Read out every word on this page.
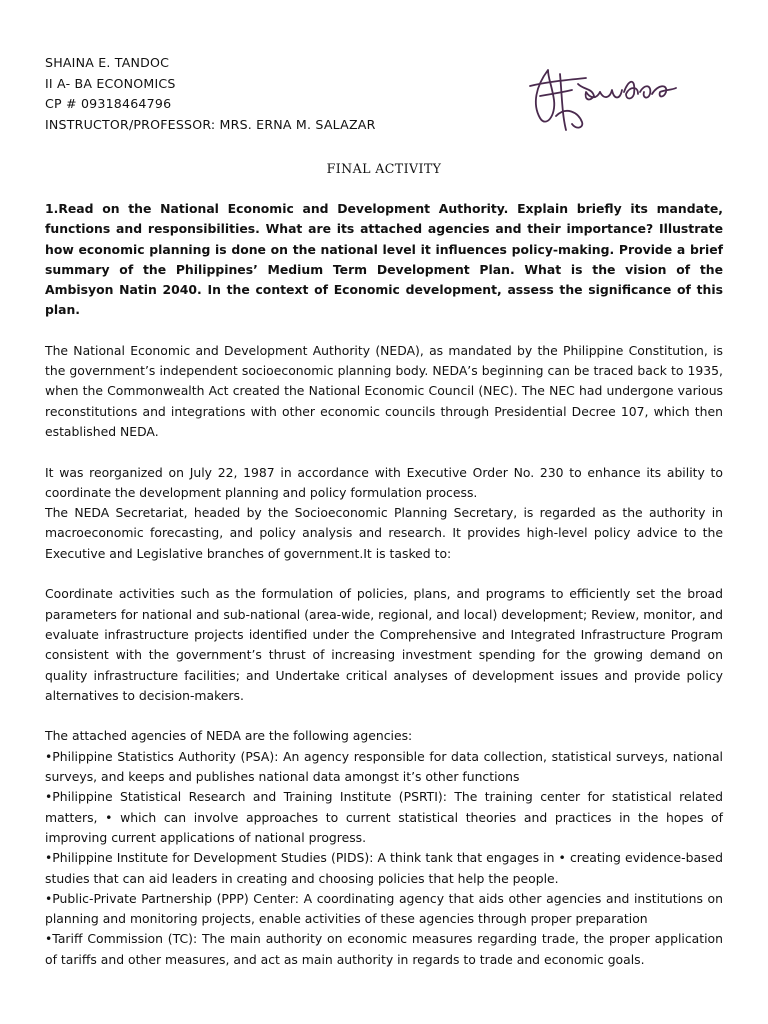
SHAINA E. TANDOC
II A- BA ECONOMICS
CP # 09318464796
INSTRUCTOR/PROFESSOR: MRS. ERNA M. SALAZAR
FINAL ACTIVITY

1.Read on the National Economic and Development Authority. Explain briefly its mandate, functions and responsibilities. What are its attached agencies and their importance? Illustrate how economic planning is done on the national level it influences policy-making. Provide a brief summary of the Philippines’ Medium Term Development Plan. What is the vision of the Ambisyon Natin 2040. In the context of Economic development, assess the significance of this plan.

The National Economic and Development Authority (NEDA), as mandated by the Philippine Constitution, is the government’s independent socioeconomic planning body. NEDA’s beginning can be traced back to 1935, when the Commonwealth Act created the National Economic Council (NEC). The NEC had undergone various reconstitutions and integrations with other economic councils through Presidential Decree 107, which then established NEDA.

It was reorganized on July 22, 1987 in accordance with Executive Order No. 230 to enhance its ability to coordinate the development planning and policy formulation process.

The NEDA Secretariat, headed by the Socioeconomic Planning Secretary, is regarded as the authority in macroeconomic forecasting, and policy analysis and research. It provides high-level policy advice to the Executive and Legislative branches of government.It is tasked to:

Coordinate activities such as the formulation of policies, plans, and programs to efficiently set the broad parameters for national and sub-national (area-wide, regional, and local) development; Review, monitor, and evaluate infrastructure projects identified under the Comprehensive and Integrated Infrastructure Program consistent with the government’s thrust of increasing investment spending for the growing demand on quality infrastructure facilities; and Undertake critical analyses of development issues and provide policy alternatives to decision-makers.

The attached agencies of NEDA are the following agencies:

•Philippine Statistics Authority (PSA): An agency responsible for data collection, statistical surveys, national surveys, and keeps and publishes national data amongst it’s other functions

•Philippine Statistical Research and Training Institute (PSRTI): The training center for statistical related matters, • which can involve approaches to current statistical theories and practices in the hopes of improving current applications of national progress.

•Philippine Institute for Development Studies (PIDS): A think tank that engages in • creating evidence-based studies that can aid leaders in creating and choosing policies that help the people.

•Public-Private Partnership (PPP) Center: A coordinating agency that aids other agencies and institutions on planning and monitoring projects, enable activities of these agencies through proper preparation

•Tariff Commission (TC): The main authority on economic measures regarding trade, the proper application of tariffs and other measures, and act as main authority in regards to trade and economic goals.
